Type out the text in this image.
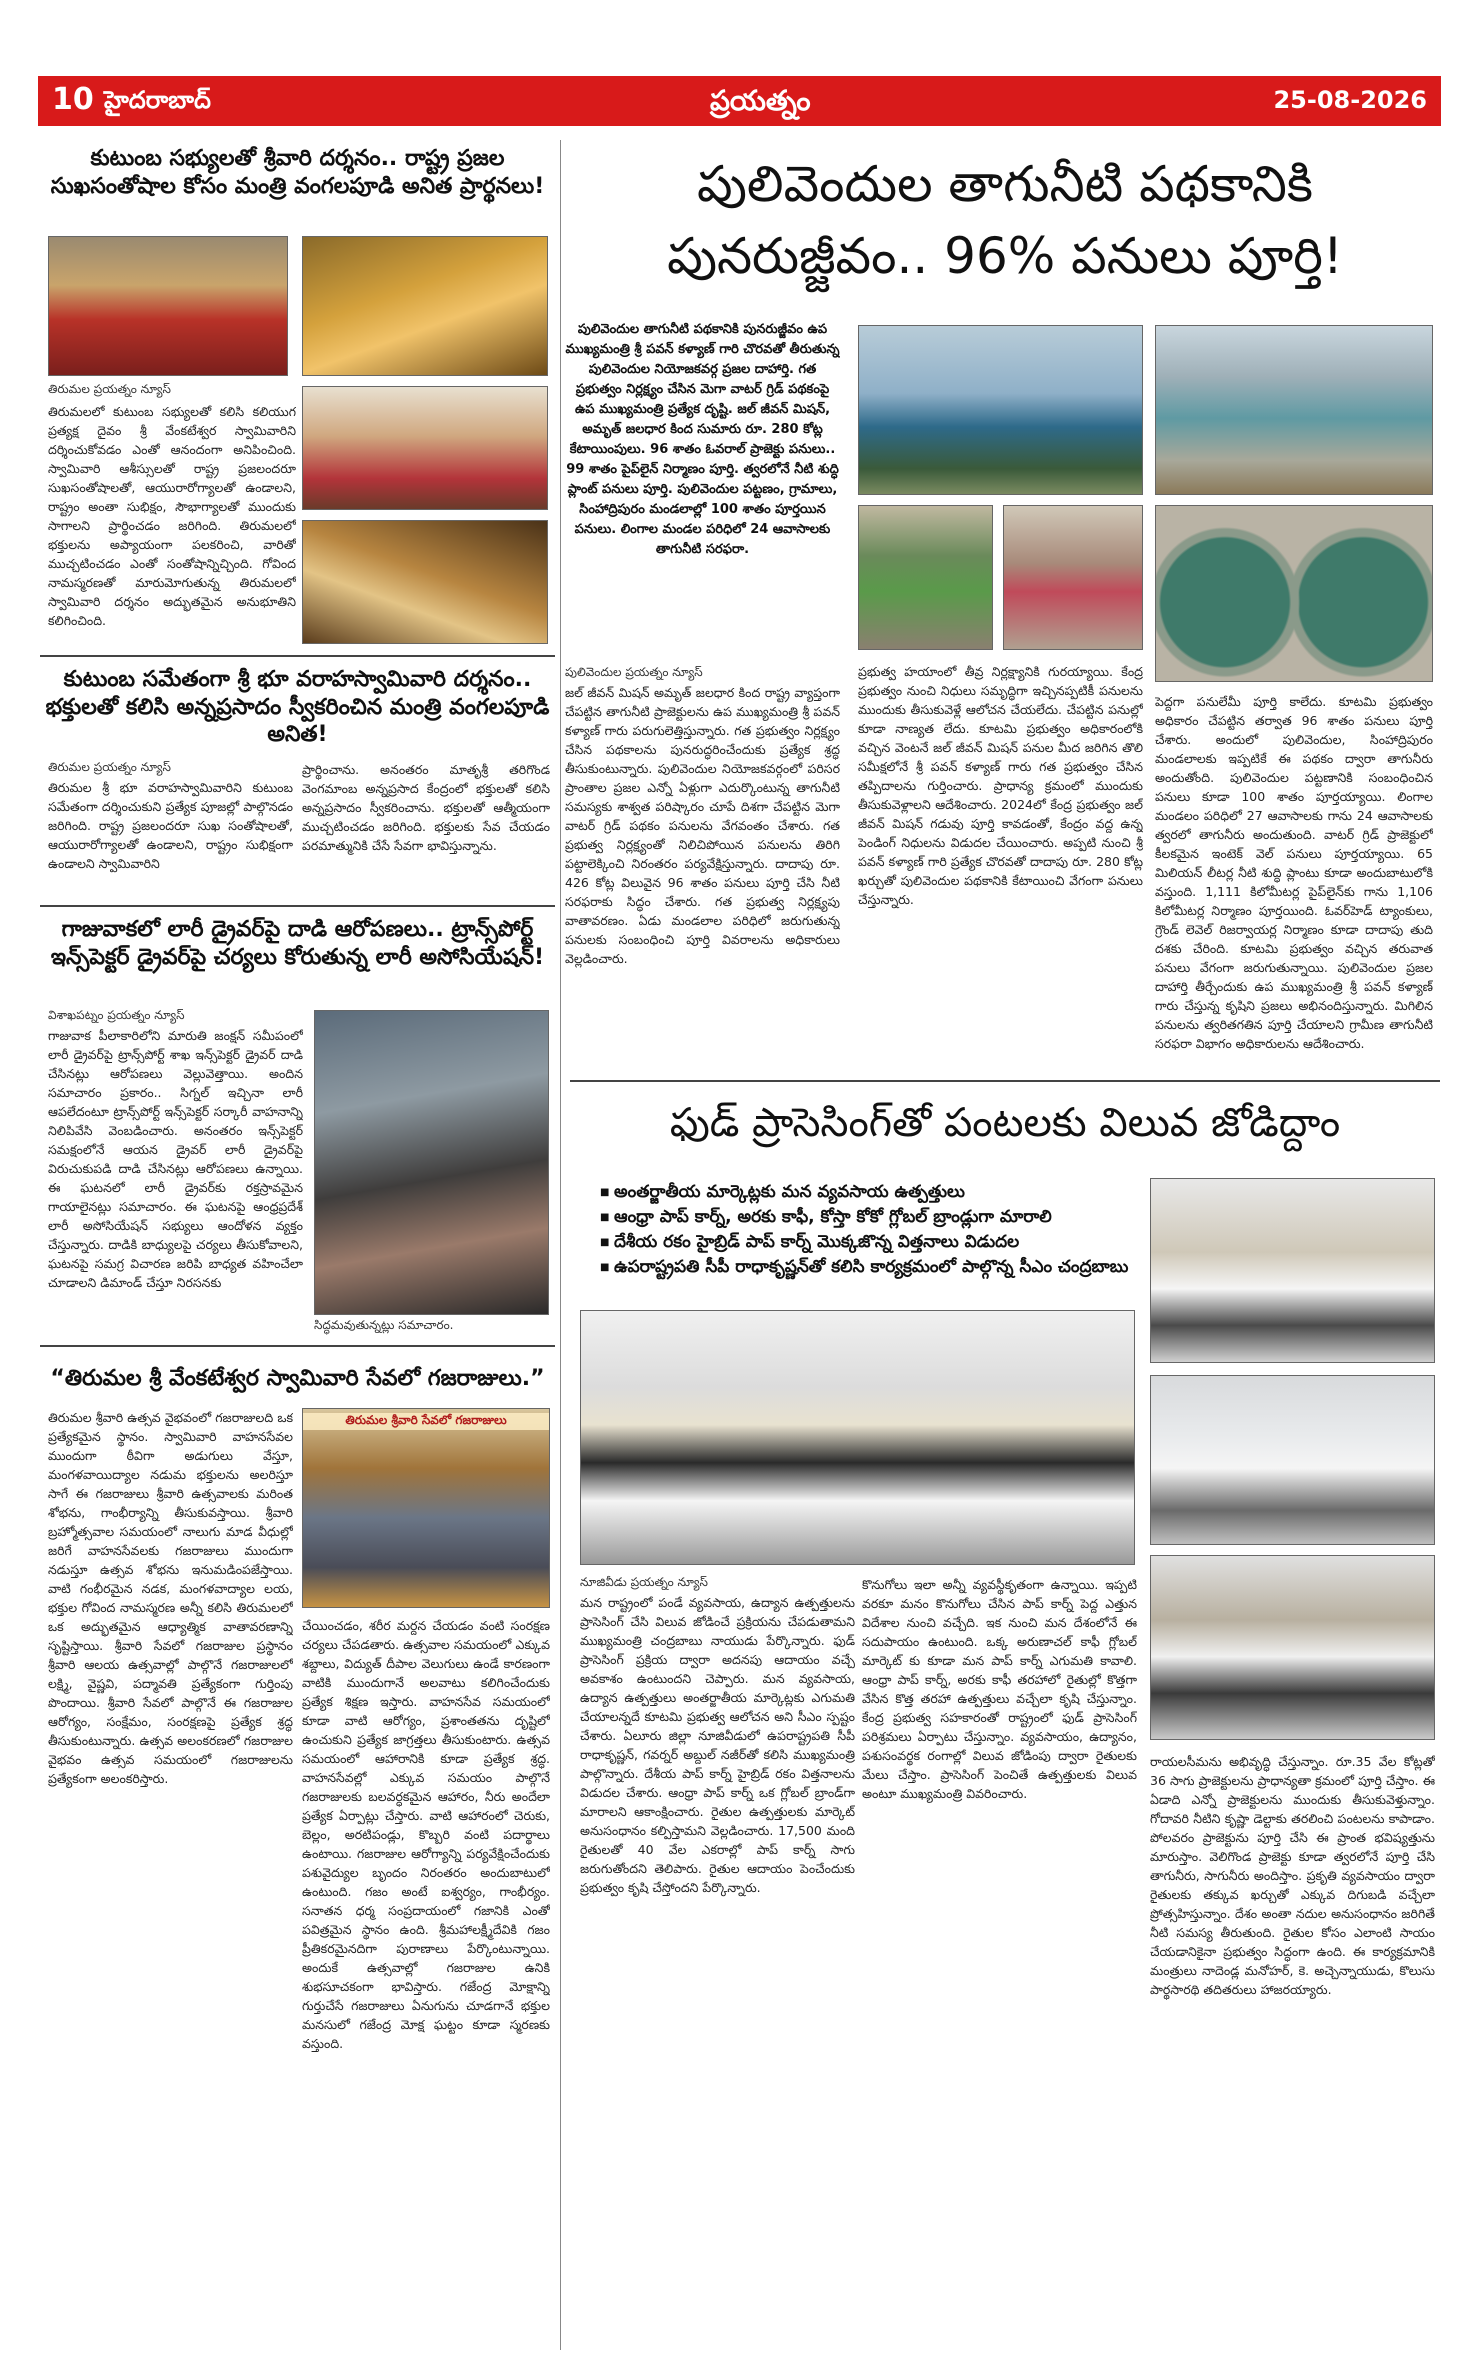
10 హైదరాబాద్	ప్రయత్నం	25-08-2026
కుటుంబ సభ్యులతో శ్రీవారి దర్శనం.. రాష్ట్ర ప్రజల సుఖసంతోషాల కోసం మంత్రి వంగలపూడి అనిత ప్రార్థనలు!
తిరుమల ప్రయత్నం న్యూస్
తిరుమలలో కుటుంబ సభ్యులతో కలిసి కలియుగ ప్రత్యక్ష దైవం శ్రీ వేంకటేశ్వర స్వామివారిని దర్శించుకోవడం ఎంతో ఆనందంగా అనిపించింది. స్వామివారి ఆశీస్సులతో రాష్ట్ర ప్రజలందరూ సుఖసంతోషాలతో, ఆయురారోగ్యాలతో ఉండాలని, రాష్ట్రం అంతా సుభిక్షం, సౌభాగ్యాలతో ముందుకు సాగాలని ప్రార్థించడం జరిగింది. తిరుమలలో భక్తులను అప్యాయంగా పలకరించి, వారితో ముచ్చటించడం ఎంతో సంతోషాన్నిచ్చింది. గోవింద నామస్మరణతో మారుమోగుతున్న తిరుమలలో స్వామివారి దర్శనం అద్భుతమైన అనుభూతిని కలిగించింది.
కుటుంబ సమేతంగా శ్రీ భూ వరాహస్వామివారి దర్శనం.. భక్తులతో కలిసి అన్నప్రసాదం స్వీకరించిన మంత్రి వంగలపూడి అనిత!
తిరుమల ప్రయత్నం న్యూస్
తిరుమల శ్రీ భూ వరాహస్వామివారిని కుటుంబ సమేతంగా దర్శించుకుని ప్రత్యేక పూజల్లో పాల్గొనడం జరిగింది. రాష్ట్ర ప్రజలందరూ సుఖ సంతోషాలతో, ఆయురారోగ్యాలతో ఉండాలని, రాష్ట్రం సుభిక్షంగా ఉండాలని స్వామివారిని
ప్రార్థించాను. అనంతరం మాతృశ్రీ తరిగొండ వెంగమాంబ అన్నప్రసాద కేంద్రంలో భక్తులతో కలిసి అన్నప్రసాదం స్వీకరించాను. భక్తులతో ఆత్మీయంగా ముచ్చటించడం జరిగింది. భక్తులకు సేవ చేయడం పరమాత్మునికి చేసే సేవగా భావిస్తున్నాను.
గాజువాకలో లారీ డ్రైవర్‌పై దాడి ఆరోపణలు.. ట్రాన్స్‌పోర్ట్ ఇన్స్‌పెక్టర్ డ్రైవర్‌పై చర్యలు కోరుతున్న లారీ అసోసియేషన్!
విశాఖపట్నం ప్రయత్నం న్యూస్
గాజువాక పీలాకారిలోని మారుతి జంక్షన్ సమీపంలో లారీ డ్రైవర్‌పై ట్రాన్స్‌పోర్ట్ శాఖ ఇన్స్‌పెక్టర్ డ్రైవర్ దాడి చేసినట్లు ఆరోపణలు వెల్లువెత్తాయి. అందిన సమాచారం ప్రకారం.. సిగ్నల్ ఇచ్చినా లారీ ఆపలేదంటూ ట్రాన్స్‌పోర్ట్ ఇన్స్‌పెక్టర్ సర్కారీ వాహనాన్ని నిలిపివేసి వెంబడించారు. అనంతరం ఇన్స్‌పెక్టర్ సమక్షంలోనే ఆయన డ్రైవర్ లారీ డ్రైవర్‌పై విరుచుకుపడి దాడి చేసినట్లు ఆరోపణలు ఉన్నాయి. ఈ ఘటనలో లారీ డ్రైవర్‌కు రక్తస్రావమైన గాయాలైనట్లు సమాచారం. ఈ ఘటనపై ఆంధ్రప్రదేశ్ లారీ అసోసియేషన్ సభ్యులు ఆందోళన వ్యక్తం చేస్తున్నారు. దాడికి బాధ్యులపై చర్యలు తీసుకోవాలని, ఘటనపై సమగ్ర విచారణ జరిపి బాధ్యత వహించేలా చూడాలని డిమాండ్ చేస్తూ నిరసనకు
సిద్ధమవుతున్నట్లు సమాచారం.
“తిరుమల శ్రీ వేంకటేశ్వర స్వామివారి సేవలో గజరాజులు.”
తిరుమల శ్రీవారి ఉత్సవ వైభవంలో గజరాజులది ఒక ప్రత్యేకమైన స్థానం. స్వామివారి వాహనసేవల ముందుగా ఠీవిగా అడుగులు వేస్తూ, మంగళవాయిద్యాల నడుమ భక్తులను అలరిస్తూ సాగే ఈ గజరాజులు శ్రీవారి ఉత్సవాలకు మరింత శోభను, గాంభీర్యాన్ని తీసుకువస్తాయి. శ్రీవారి బ్రహ్మోత్సవాల సమయంలో నాలుగు మాడ వీధుల్లో జరిగే వాహనసేవలకు గజరాజులు ముందుగా నడుస్తూ ఉత్సవ శోభను ఇనుమడింపజేస్తాయి. వాటి గంభీరమైన నడక, మంగళవాద్యాల లయ, భక్తుల గోవింద నామస్మరణ అన్నీ కలిసి తిరుమలలో ఒక అద్భుతమైన ఆధ్యాత్మిక వాతావరణాన్ని సృష్టిస్తాయి. శ్రీవారి సేవలో గజరాజుల ప్రస్థానం శ్రీవారి ఆలయ ఉత్సవాల్లో పాల్గొనే గజరాజులలో లక్ష్మి, వైష్ణవి, పద్మావతి ప్రత్యేకంగా గుర్తింపు పొందాయి. శ్రీవారి సేవలో పాల్గొనే ఈ గజరాజుల ఆరోగ్యం, సంక్షేమం, సంరక్షణపై ప్రత్యేక శ్రద్ధ తీసుకుంటున్నారు. ఉత్సవ అలంకరణలో గజరాజుల వైభవం ఉత్సవ సమయంలో గజరాజులను ప్రత్యేకంగా అలంకరిస్తారు.
తిరుమల శ్రీవారి సేవలో గజరాజులు
చేయించడం, శరీర మర్దన చేయడం వంటి సంరక్షణ చర్యలు చేపడతారు. ఉత్సవాల సమయంలో ఎక్కువ శబ్దాలు, విద్యుత్ దీపాల వెలుగులు ఉండే కారణంగా వాటికి ముందుగానే అలవాటు కలిగించేందుకు ప్రత్యేక శిక్షణ ఇస్తారు. వాహనసేవ సమయంలో కూడా వాటి ఆరోగ్యం, ప్రశాంతతను దృష్టిలో ఉంచుకుని ప్రత్యేక జాగ్రత్తలు తీసుకుంటారు. ఉత్సవ సమయంలో ఆహారానికి కూడా ప్రత్యేక శ్రద్ధ. వాహనసేవల్లో ఎక్కువ సమయం పాల్గొనే గజరాజులకు బలవర్ధకమైన ఆహారం, నీరు అందేలా ప్రత్యేక ఏర్పాట్లు చేస్తారు. వాటి ఆహారంలో చెరుకు, బెల్లం, అరటిపండ్లు, కొబ్బరి వంటి పదార్థాలు ఉంటాయి. గజరాజుల ఆరోగ్యాన్ని పర్యవేక్షించేందుకు పశువైద్యుల బృందం నిరంతరం అందుబాటులో ఉంటుంది. గజం అంటే ఐశ్వర్యం, గాంభీర్యం. సనాతన ధర్మ సంప్రదాయంలో గజానికి ఎంతో పవిత్రమైన స్థానం ఉంది. శ్రీమహాలక్ష్మీదేవికి గజం ప్రీతికరమైనదిగా పురాణాలు పేర్కొంటున్నాయి. అందుకే ఉత్సవాల్లో గజరాజుల ఉనికి శుభసూచకంగా భావిస్తారు. గజేంద్ర మోక్షాన్ని గుర్తుచేసే గజరాజులు ఏనుగును చూడగానే భక్తుల మనసులో గజేంద్ర మోక్ష ఘట్టం కూడా స్మరణకు వస్తుంది.
పులివెందుల తాగునీటి పథకానికి పునరుజ్జీవం.. 96% పనులు పూర్తి!
పులివెందుల తాగునీటి పథకానికి పునరుజ్జీవం ఉప ముఖ్యమంత్రి శ్రీ పవన్ కళ్యాణ్ గారి చొరవతో తీరుతున్న పులివెందుల నియోజకవర్గ ప్రజల దాహార్తి. గత ప్రభుత్వం నిర్లక్ష్యం చేసిన మెగా వాటర్ గ్రిడ్ పథకంపై ఉప ముఖ్యమంత్రి ప్రత్యేక దృష్టి. జల్ జీవన్ మిషన్, అమృత్ జలధార కింద సుమారు రూ. 280 కోట్ల కేటాయింపులు. 96 శాతం ఓవరాల్ ప్రాజెక్టు పనులు.. 99 శాతం పైప్‌లైన్ నిర్మాణం పూర్తి. త్వరలోనే నీటి శుద్ధి ప్లాంట్ పనులు పూర్తి. పులివెందుల పట్టణం, గ్రామాలు, సింహాద్రిపురం మండలాల్లో 100 శాతం పూర్తయిన పనులు. లింగాల మండల పరిధిలో 24 ఆవాసాలకు తాగునీటి సరఫరా.
పులివెందుల ప్రయత్నం న్యూస్
జల్ జీవన్ మిషన్ అమృత్ జలధార కింద రాష్ట్ర వ్యాప్తంగా చేపట్టిన తాగునీటి ప్రాజెక్టులను ఉప ముఖ్యమంత్రి శ్రీ పవన్ కళ్యాణ్ గారు పరుగులెత్తిస్తున్నారు. గత ప్రభుత్వం నిర్లక్ష్యం చేసిన పథకాలను పునరుద్ధరించేందుకు ప్రత్యేక శ్రద్ధ తీసుకుంటున్నారు. పులివెందుల నియోజకవర్గంలో పరిసర ప్రాంతాల ప్రజల ఎన్నో ఏళ్లుగా ఎదుర్కొంటున్న తాగునీటి సమస్యకు శాశ్వత పరిష్కారం చూపే దిశగా చేపట్టిన మెగా వాటర్ గ్రిడ్ పథకం పనులను వేగవంతం చేశారు. గత ప్రభుత్వ నిర్లక్ష్యంతో నిలిచిపోయిన పనులను తిరిగి పట్టాలెక్కించి నిరంతరం పర్యవేక్షిస్తున్నారు. దాదాపు రూ. 426 కోట్ల విలువైన 96 శాతం పనులు పూర్తి చేసి నీటి సరఫరాకు సిద్ధం చేశారు. గత ప్రభుత్వ నిర్లక్ష్యపు వాతావరణం. ఏడు మండలాల పరిధిలో జరుగుతున్న పనులకు సంబంధించి పూర్తి వివరాలను అధికారులు వెల్లడించారు.
ప్రభుత్వ హయాంలో తీవ్ర నిర్లక్ష్యానికి గురయ్యాయి. కేంద్ర ప్రభుత్వం నుంచి నిధులు సమృద్ధిగా ఇచ్చినప్పటికీ పనులను ముందుకు తీసుకువెళ్లే ఆలోచన చేయలేదు. చేపట్టిన పనుల్లో కూడా నాణ్యత లేదు. కూటమి ప్రభుత్వం అధికారంలోకి వచ్చిన వెంటనే జల్ జీవన్ మిషన్ పనుల మీద జరిగిన తొలి సమీక్షలోనే శ్రీ పవన్ కళ్యాణ్ గారు గత ప్రభుత్వం చేసిన తప్పిదాలను గుర్తించారు. ప్రాధాన్య క్రమంలో ముందుకు తీసుకువెళ్లాలని ఆదేశించారు. 2024లో కేంద్ర ప్రభుత్వం జల్ జీవన్ మిషన్ గడువు పూర్తి కావడంతో, కేంద్రం వద్ద ఉన్న పెండింగ్ నిధులను విడుదల చేయించారు. అప్పటి నుంచి శ్రీ పవన్ కళ్యాణ్ గారి ప్రత్యేక చొరవతో దాదాపు రూ. 280 కోట్ల ఖర్చుతో పులివెందుల పథకానికి కేటాయించి వేగంగా పనులు చేస్తున్నారు.
పెద్దగా పనులేమీ పూర్తి కాలేదు. కూటమి ప్రభుత్వం అధికారం చేపట్టిన తర్వాత 96 శాతం పనులు పూర్తి చేశారు. అందులో పులివెందుల, సింహాద్రిపురం మండలాలకు ఇప్పటికే ఈ పథకం ద్వారా తాగునీరు అందుతోంది. పులివెందుల పట్టణానికి సంబంధించిన పనులు కూడా 100 శాతం పూర్తయ్యాయి. లింగాల మండలం పరిధిలో 27 ఆవాసాలకు గాను 24 ఆవాసాలకు త్వరలో తాగునీరు అందుతుంది. వాటర్ గ్రిడ్ ప్రాజెక్టులో కీలకమైన ఇంటెక్ వెల్ పనులు పూర్తయ్యాయి. 65 మిలియన్ లీటర్ల నీటి శుద్ధి ప్లాంటు కూడా అందుబాటులోకి వస్తుంది. 1,111 కిలోమీటర్ల పైప్‌లైన్‌కు గాను 1,106 కిలోమీటర్ల నిర్మాణం పూర్తయింది. ఓవర్‌హెడ్ ట్యాంకులు, గ్రౌండ్ లెవెల్ రిజర్వాయర్ల నిర్మాణం కూడా దాదాపు తుది దశకు చేరింది. కూటమి ప్రభుత్వం వచ్చిన తరువాత పనులు వేగంగా జరుగుతున్నాయి. పులివెందుల ప్రజల దాహార్తి తీర్చేందుకు ఉప ముఖ్యమంత్రి శ్రీ పవన్ కళ్యాణ్ గారు చేస్తున్న కృషిని ప్రజలు అభినందిస్తున్నారు. మిగిలిన పనులను త్వరితగతిన పూర్తి చేయాలని గ్రామీణ తాగునీటి సరఫరా విభాగం అధికారులను ఆదేశించారు.
ఫుడ్ ప్రాసెసింగ్‌తో పంటలకు విలువ జోడిద్దాం
■ అంతర్జాతీయ మార్కెట్లకు మన వ్యవసాయ ఉత్పత్తులు
■ ఆంధ్రా పాప్ కార్న్, అరకు కాఫీ, కోస్తా కోకో గ్లోబల్ బ్రాండ్లుగా మారాలి
■ దేశీయ రకం హైబ్రిడ్ పాప్ కార్న్ మొక్కజొన్న విత్తనాలు విడుదల
■ ఉపరాష్ట్రపతి సీపీ రాధాకృష్ణన్‌తో కలిసి కార్యక్రమంలో పాల్గొన్న సీఎం చంద్రబాబు
నూజివీడు ప్రయత్నం న్యూస్
మన రాష్ట్రంలో పండే వ్యవసాయ, ఉద్యాన ఉత్పత్తులను ప్రాసెసింగ్ చేసి విలువ జోడించే ప్రక్రియను చేపడుతామని ముఖ్యమంత్రి చంద్రబాబు నాయుడు పేర్కొన్నారు. ఫుడ్ ప్రాసెసింగ్ ప్రక్రియ ద్వారా అదనపు ఆదాయం వచ్చే అవకాశం ఉంటుందని చెప్పారు. మన వ్యవసాయ, ఉద్యాన ఉత్పత్తులు అంతర్జాతీయ మార్కెట్లకు ఎగుమతి చేయాలన్నదే కూటమి ప్రభుత్వ ఆలోచన అని సీఎం స్పష్టం చేశారు. ఏలూరు జిల్లా నూజివీడులో ఉపరాష్ట్రపతి సీపీ రాధాకృష్ణన్, గవర్నర్ అబ్దుల్ నజీర్‌తో కలిసి ముఖ్యమంత్రి పాల్గొన్నారు. దేశీయ పాప్ కార్న్ హైబ్రిడ్ రకం విత్తనాలను విడుదల చేశారు. ఆంధ్రా పాప్ కార్న్ ఒక గ్లోబల్ బ్రాండ్‌గా మారాలని ఆకాంక్షించారు. రైతుల ఉత్పత్తులకు మార్కెట్ అనుసంధానం కల్పిస్తామని వెల్లడించారు. 17,500 మంది రైతులతో 40 వేల ఎకరాల్లో పాప్ కార్న్ సాగు జరుగుతోందని తెలిపారు. రైతుల ఆదాయం పెంచేందుకు ప్రభుత్వం కృషి చేస్తోందని పేర్కొన్నారు.
కొనుగోలు ఇలా అన్నీ వ్యవస్థీకృతంగా ఉన్నాయి. ఇప్పటి వరకూ మనం కొనుగోలు చేసిన పాప్ కార్న్ పెద్ద ఎత్తున విదేశాల నుంచి వచ్చేది. ఇక నుంచి మన దేశంలోనే ఈ సదుపాయం ఉంటుంది. ఒక్క అరుణాచల్ కాఫీ గ్లోబల్ మార్కెట్ కు కూడా మన పాప్ కార్న్ ఎగుమతి కావాలి. ఆంధ్రా పాప్ కార్న్, అరకు కాఫీ తరహాలో రైతుల్లో కొత్తగా వేసిన కొత్త తరహా ఉత్పత్తులు వచ్చేలా కృషి చేస్తున్నాం. కేంద్ర ప్రభుత్వ సహకారంతో రాష్ట్రంలో ఫుడ్ ప్రాసెసింగ్ పరిశ్రమలు ఏర్పాటు చేస్తున్నాం. వ్యవసాయం, ఉద్యానం, పశుసంవర్థక రంగాల్లో విలువ జోడింపు ద్వారా రైతులకు మేలు చేస్తాం. ప్రాసెసింగ్ పెంచితే ఉత్పత్తులకు విలువ అంటూ ముఖ్యమంత్రి వివరించారు.
రాయలసీమను అభివృద్ధి చేస్తున్నాం. రూ.35 వేల కోట్లతో 36 సాగు ప్రాజెక్టులను ప్రాధాన్యతా క్రమంలో పూర్తి చేస్తాం. ఈ ఏడాది ఎన్నో ప్రాజెక్టులను ముందుకు తీసుకువెళ్తున్నాం. గోదావరి నీటిని కృష్ణా డెల్టాకు తరలించి పంటలను కాపాడాం. పోలవరం ప్రాజెక్టును పూర్తి చేసి ఈ ప్రాంత భవిష్యత్తును మారుస్తాం. వెలిగొండ ప్రాజెక్టు కూడా త్వరలోనే పూర్తి చేసి తాగునీరు, సాగునీరు అందిస్తాం. ప్రకృతి వ్యవసాయం ద్వారా రైతులకు తక్కువ ఖర్చుతో ఎక్కువ దిగుబడి వచ్చేలా ప్రోత్సహిస్తున్నాం. దేశం అంతా నదుల అనుసంధానం జరిగితే నీటి సమస్య తీరుతుంది. రైతుల కోసం ఎలాంటి సాయం చేయడానికైనా ప్రభుత్వం సిద్ధంగా ఉంది. ఈ కార్యక్రమానికి మంత్రులు నాదెండ్ల మనోహర్, కె. అచ్చెన్నాయుడు, కొలుసు పార్థసారథి తదితరులు హాజరయ్యారు.
